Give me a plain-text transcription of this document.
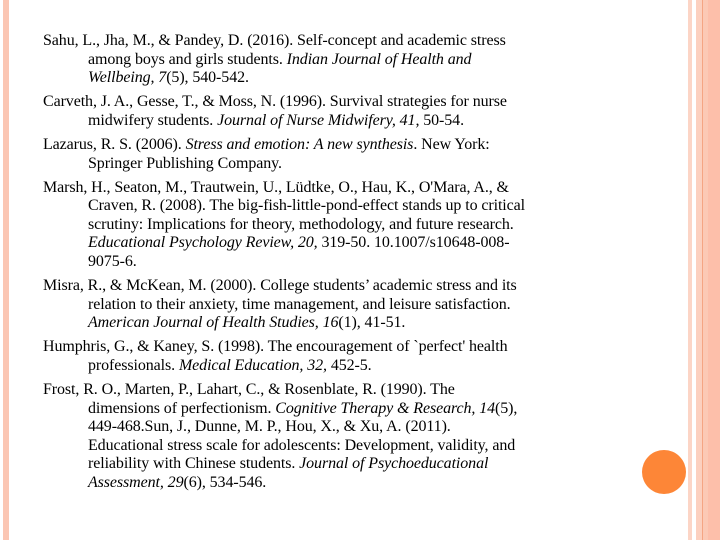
Sahu, L., Jha, M., & Pandey, D. (2016). Self-concept and academic stress
among boys and girls students. Indian Journal of Health and
Wellbeing, 7(5), 540-542.
Carveth, J. A., Gesse, T., & Moss, N. (1996). Survival strategies for nurse
midwifery students. Journal of Nurse Midwifery, 41, 50-54.
Lazarus, R. S. (2006). Stress and emotion: A new synthesis. New York:
Springer Publishing Company.
Marsh, H., Seaton, M., Trautwein, U., Lüdtke, O., Hau, K., O'Mara, A., &
Craven, R. (2008). The big-fish-little-pond-effect stands up to critical
scrutiny: Implications for theory, methodology, and future research.
Educational Psychology Review, 20, 319-50. 10.1007/s10648-008-
9075-6.
Misra, R., & McKean, M. (2000). College students’ academic stress and its
relation to their anxiety, time management, and leisure satisfaction.
American Journal of Health Studies, 16(1), 41-51.
Humphris, G., & Kaney, S. (1998). The encouragement of `perfect' health
professionals. Medical Education, 32, 452-5.
Frost, R. O., Marten, P., Lahart, C., & Rosenblate, R. (1990). The
dimensions of perfectionism. Cognitive Therapy & Research, 14(5),
449-468.Sun, J., Dunne, M. P., Hou, X., & Xu, A. (2011).
Educational stress scale for adolescents: Development, validity, and
reliability with Chinese students. Journal of Psychoeducational
Assessment, 29(6), 534-546.
